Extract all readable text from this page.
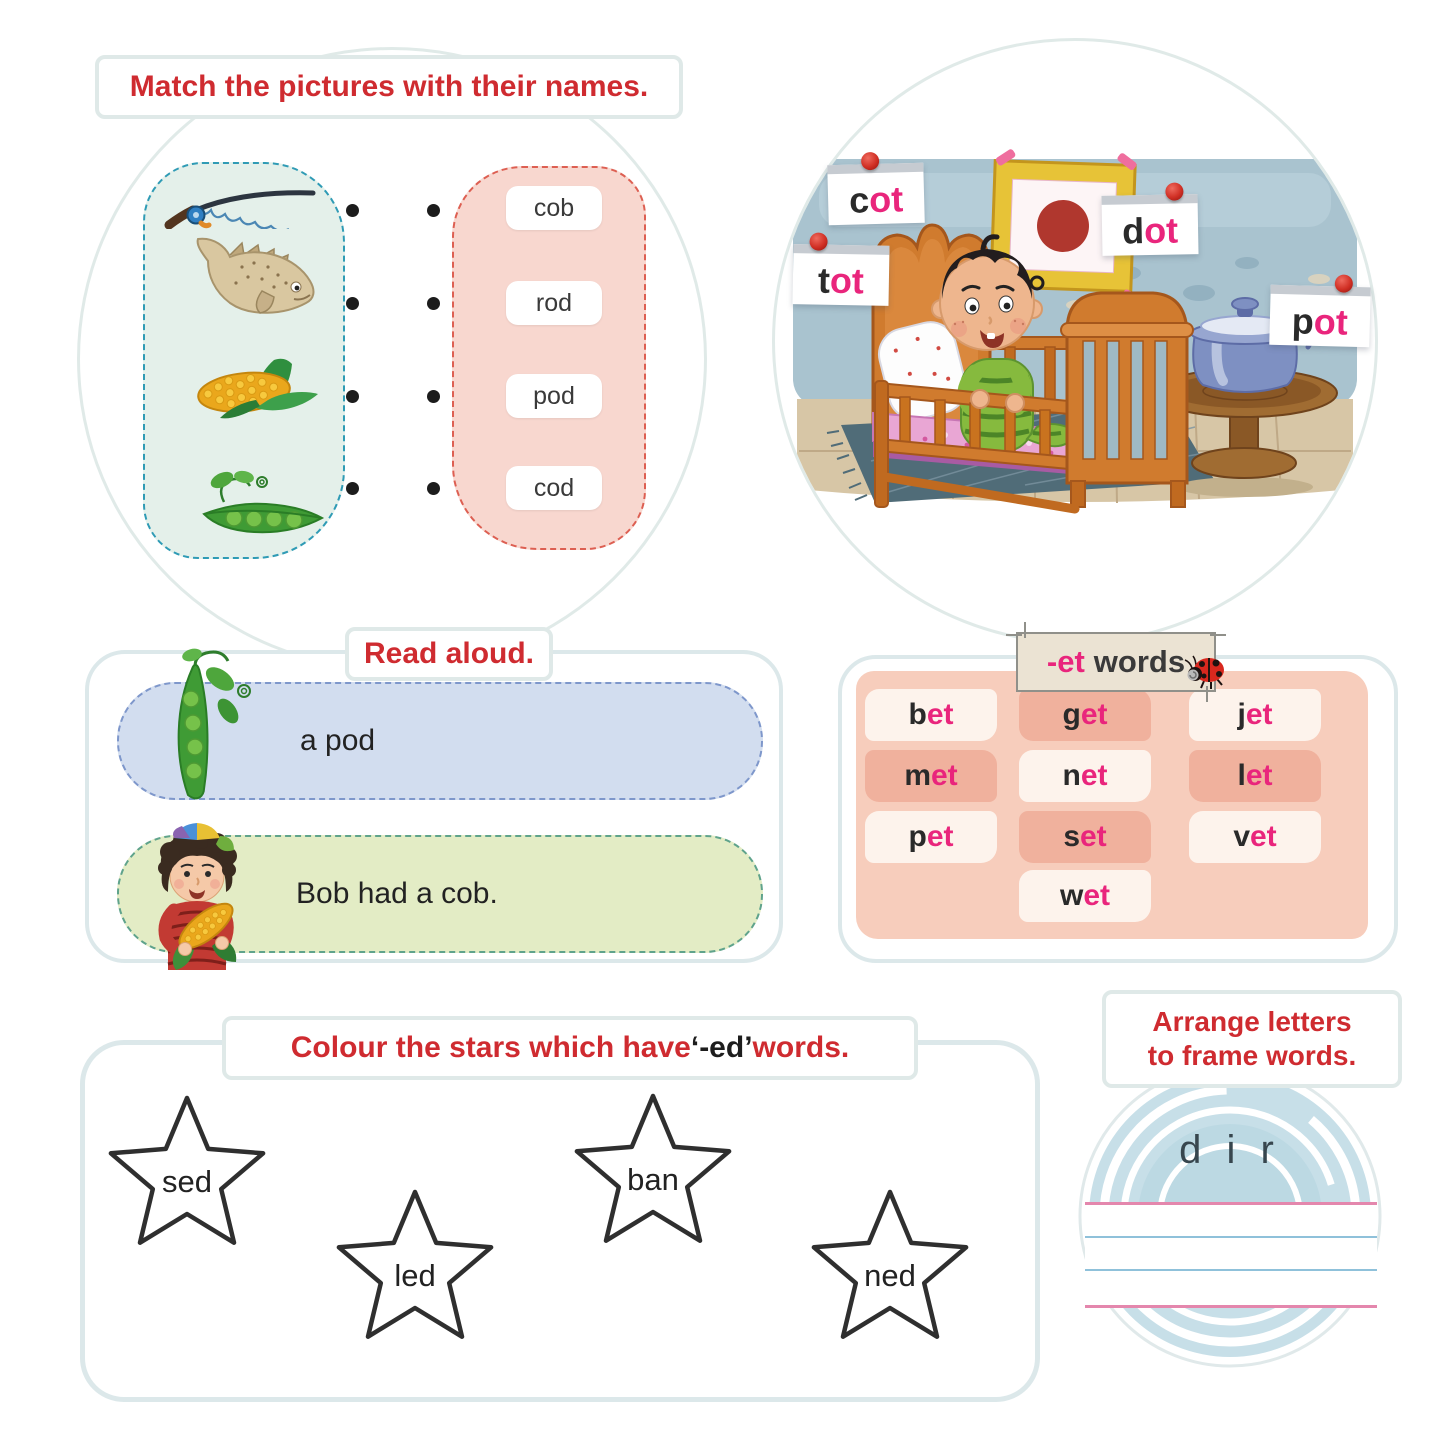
Match the pictures with their names.
cob
rod
pod
cod
c
ot
d ot
t ot
p
ot
Read aloud.
a pod
Bob had a cob.
-et words
b et	g et	j et
m et	n et	l et
p et	s et	v et
w et
Colour the stars which have ‘-ed’ words.
sed	ban
led	ned
Arrange letters
to frame words.
d i r
